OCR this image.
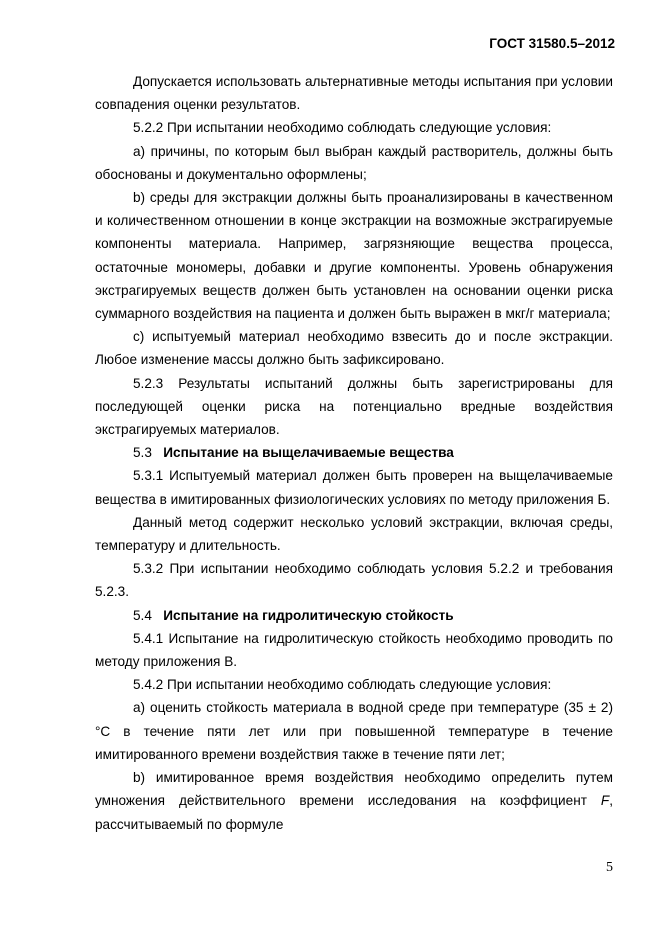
ГОСТ 31580.5–2012

Допускается использовать альтернативные методы испытания при условии совпадения оценки результатов.

5.2.2 При испытании необходимо соблюдать следующие условия:

a) причины, по которым был выбран каждый растворитель, должны быть обоснованы и документально оформлены;

b) среды для экстракции должны быть проанализированы в качественном и количественном отношении в конце экстракции на возможные экстрагируемые компоненты материала. Например, загрязняющие вещества процесса, остаточные мономеры, добавки и другие компоненты. Уровень обнаружения экстрагируемых веществ должен быть установлен на основании оценки риска суммарного воздействия на пациента и должен быть выражен в мкг/г материала;

c) испытуемый материал необходимо взвесить до и после экстракции. Любое изменение массы должно быть зафиксировано.

5.2.3 Результаты испытаний должны быть зарегистрированы для последующей оценки риска на потенциально вредные воздействия экстрагируемых материалов.

5.3 Испытание на выщелачиваемые вещества

5.3.1 Испытуемый материал должен быть проверен на выщелачиваемые вещества в имитированных физиологических условиях по методу приложения Б.

Данный метод содержит несколько условий экстракции, включая среды, температуру и длительность.

5.3.2 При испытании необходимо соблюдать условия 5.2.2 и требования 5.2.3.

5.4 Испытание на гидролитическую стойкость

5.4.1 Испытание на гидролитическую стойкость необходимо проводить по методу приложения В.

5.4.2 При испытании необходимо соблюдать следующие условия:

a) оценить стойкость материала в водной среде при температуре (35 ± 2) °С в течение пяти лет или при повышенной температуре в течение имитированного времени воздействия также в течение пяти лет;

b) имитированное время воздействия необходимо определить путем умножения действительного времени исследования на коэффициент F, рассчитываемый по формуле

5
